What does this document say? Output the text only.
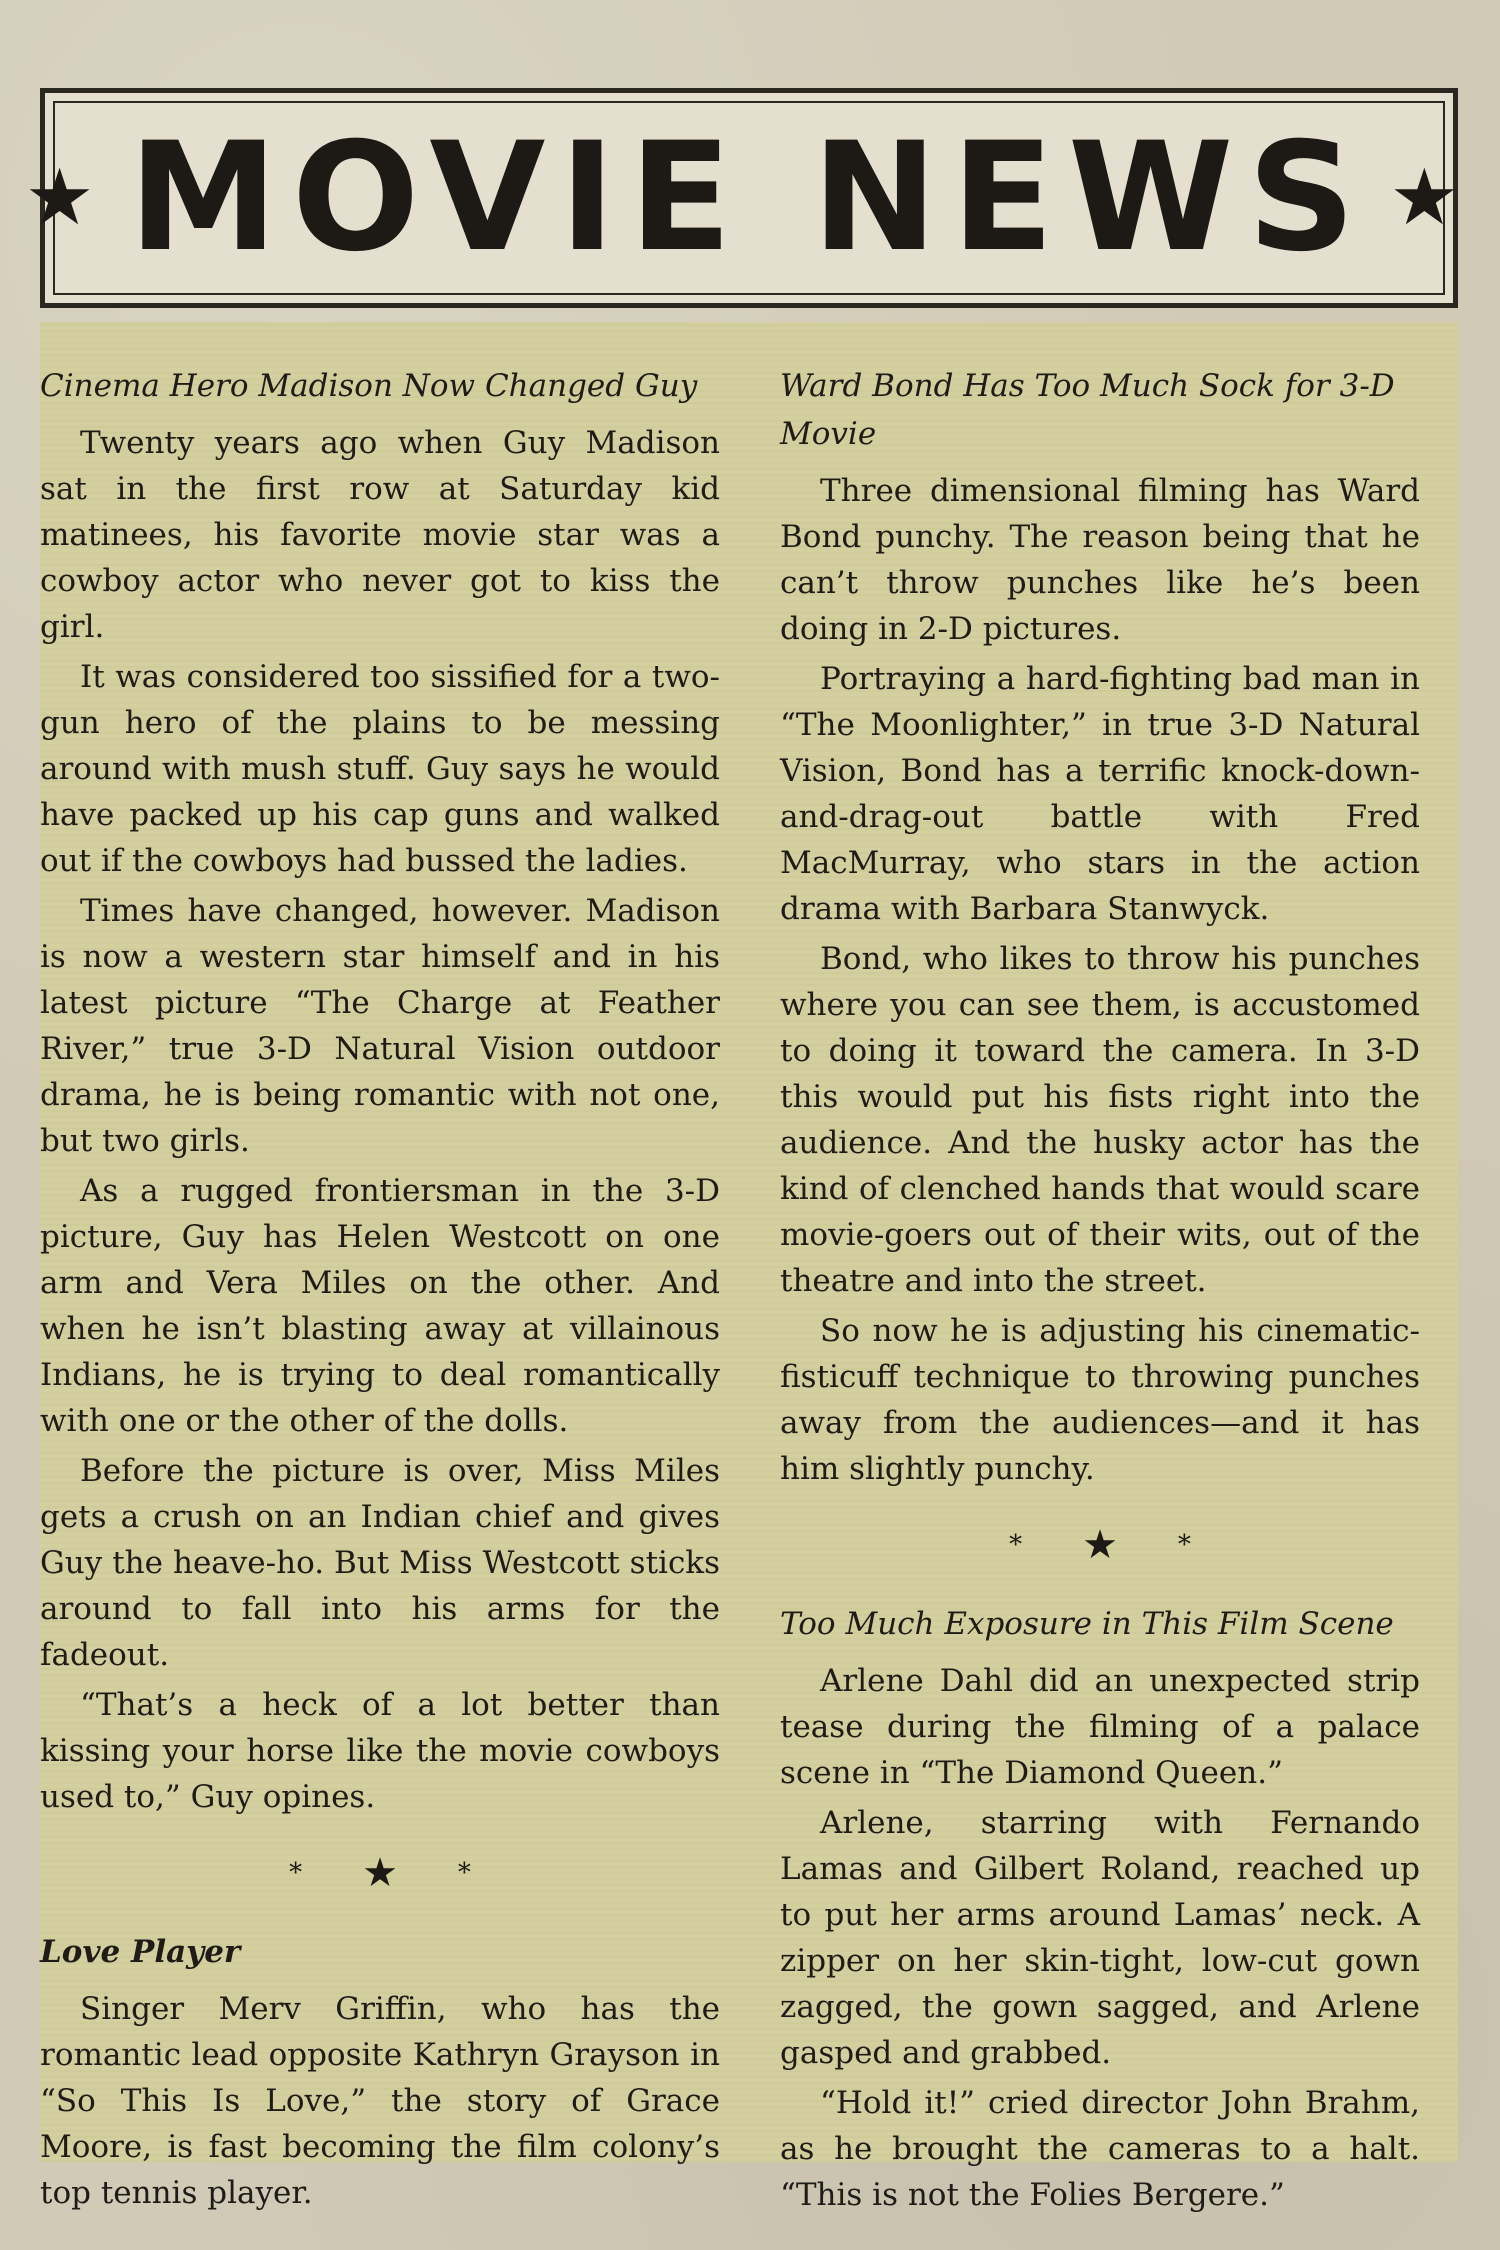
★ MOVIE NEWS ★
Cinema Hero Madison Now Changed Guy

Twenty years ago when Guy Madison sat in the first row at Saturday kid matinees, his favorite movie star was a cowboy actor who never got to kiss the girl.

It was considered too sissified for a two-gun hero of the plains to be messing around with mush stuff. Guy says he would have packed up his cap guns and walked out if the cowboys had bussed the ladies.

Times have changed, however. Madison is now a western star himself and in his latest picture “The Charge at Feather River,” true 3-D Natural Vision outdoor drama, he is being romantic with not one, but two girls.

As a rugged frontiersman in the 3-D picture, Guy has Helen Westcott on one arm and Vera Miles on the other. And when he isn’t blasting away at villainous Indians, he is trying to deal romantically with one or the other of the dolls.

Before the picture is over, Miss Miles gets a crush on an Indian chief and gives Guy the heave-ho. But Miss Westcott sticks around to fall into his arms for the fadeout.

“That’s a heck of a lot better than kissing your horse like the movie cowboys used to,” Guy opines.

* ★ *
Love Player

Singer Merv Griffin, who has the romantic lead opposite Kathryn Grayson in “So This Is Love,” the story of Grace Moore, is fast becoming the film colony’s top tennis player.

Ward Bond Has Too Much Sock for 3-D Movie

Three dimensional filming has Ward Bond punchy. The reason being that he can’t throw punches like he’s been doing in 2-D pictures.

Portraying a hard-fighting bad man in “The Moonlighter,” in true 3-D Natural Vision, Bond has a terrific knock-down-and-drag-out battle with Fred MacMurray, who stars in the action drama with Barbara Stanwyck.

Bond, who likes to throw his punches where you can see them, is accustomed to doing it toward the camera. In 3-D this would put his fists right into the audience. And the husky actor has the kind of clenched hands that would scare movie-goers out of their wits, out of the theatre and into the street.

So now he is adjusting his cinematic-fisticuff technique to throwing punches away from the audiences—and it has him slightly punchy.

* ★ *
Too Much Exposure in This Film Scene

Arlene Dahl did an unexpected strip tease during the filming of a palace scene in “The Diamond Queen.”

Arlene, starring with Fernando Lamas and Gilbert Roland, reached up to put her arms around Lamas’ neck. A zipper on her skin-tight, low-cut gown zagged, the gown sagged, and Arlene gasped and grabbed.

“Hold it!” cried director John Brahm, as he brought the cameras to a halt. “This is not the Folies Bergere.”
